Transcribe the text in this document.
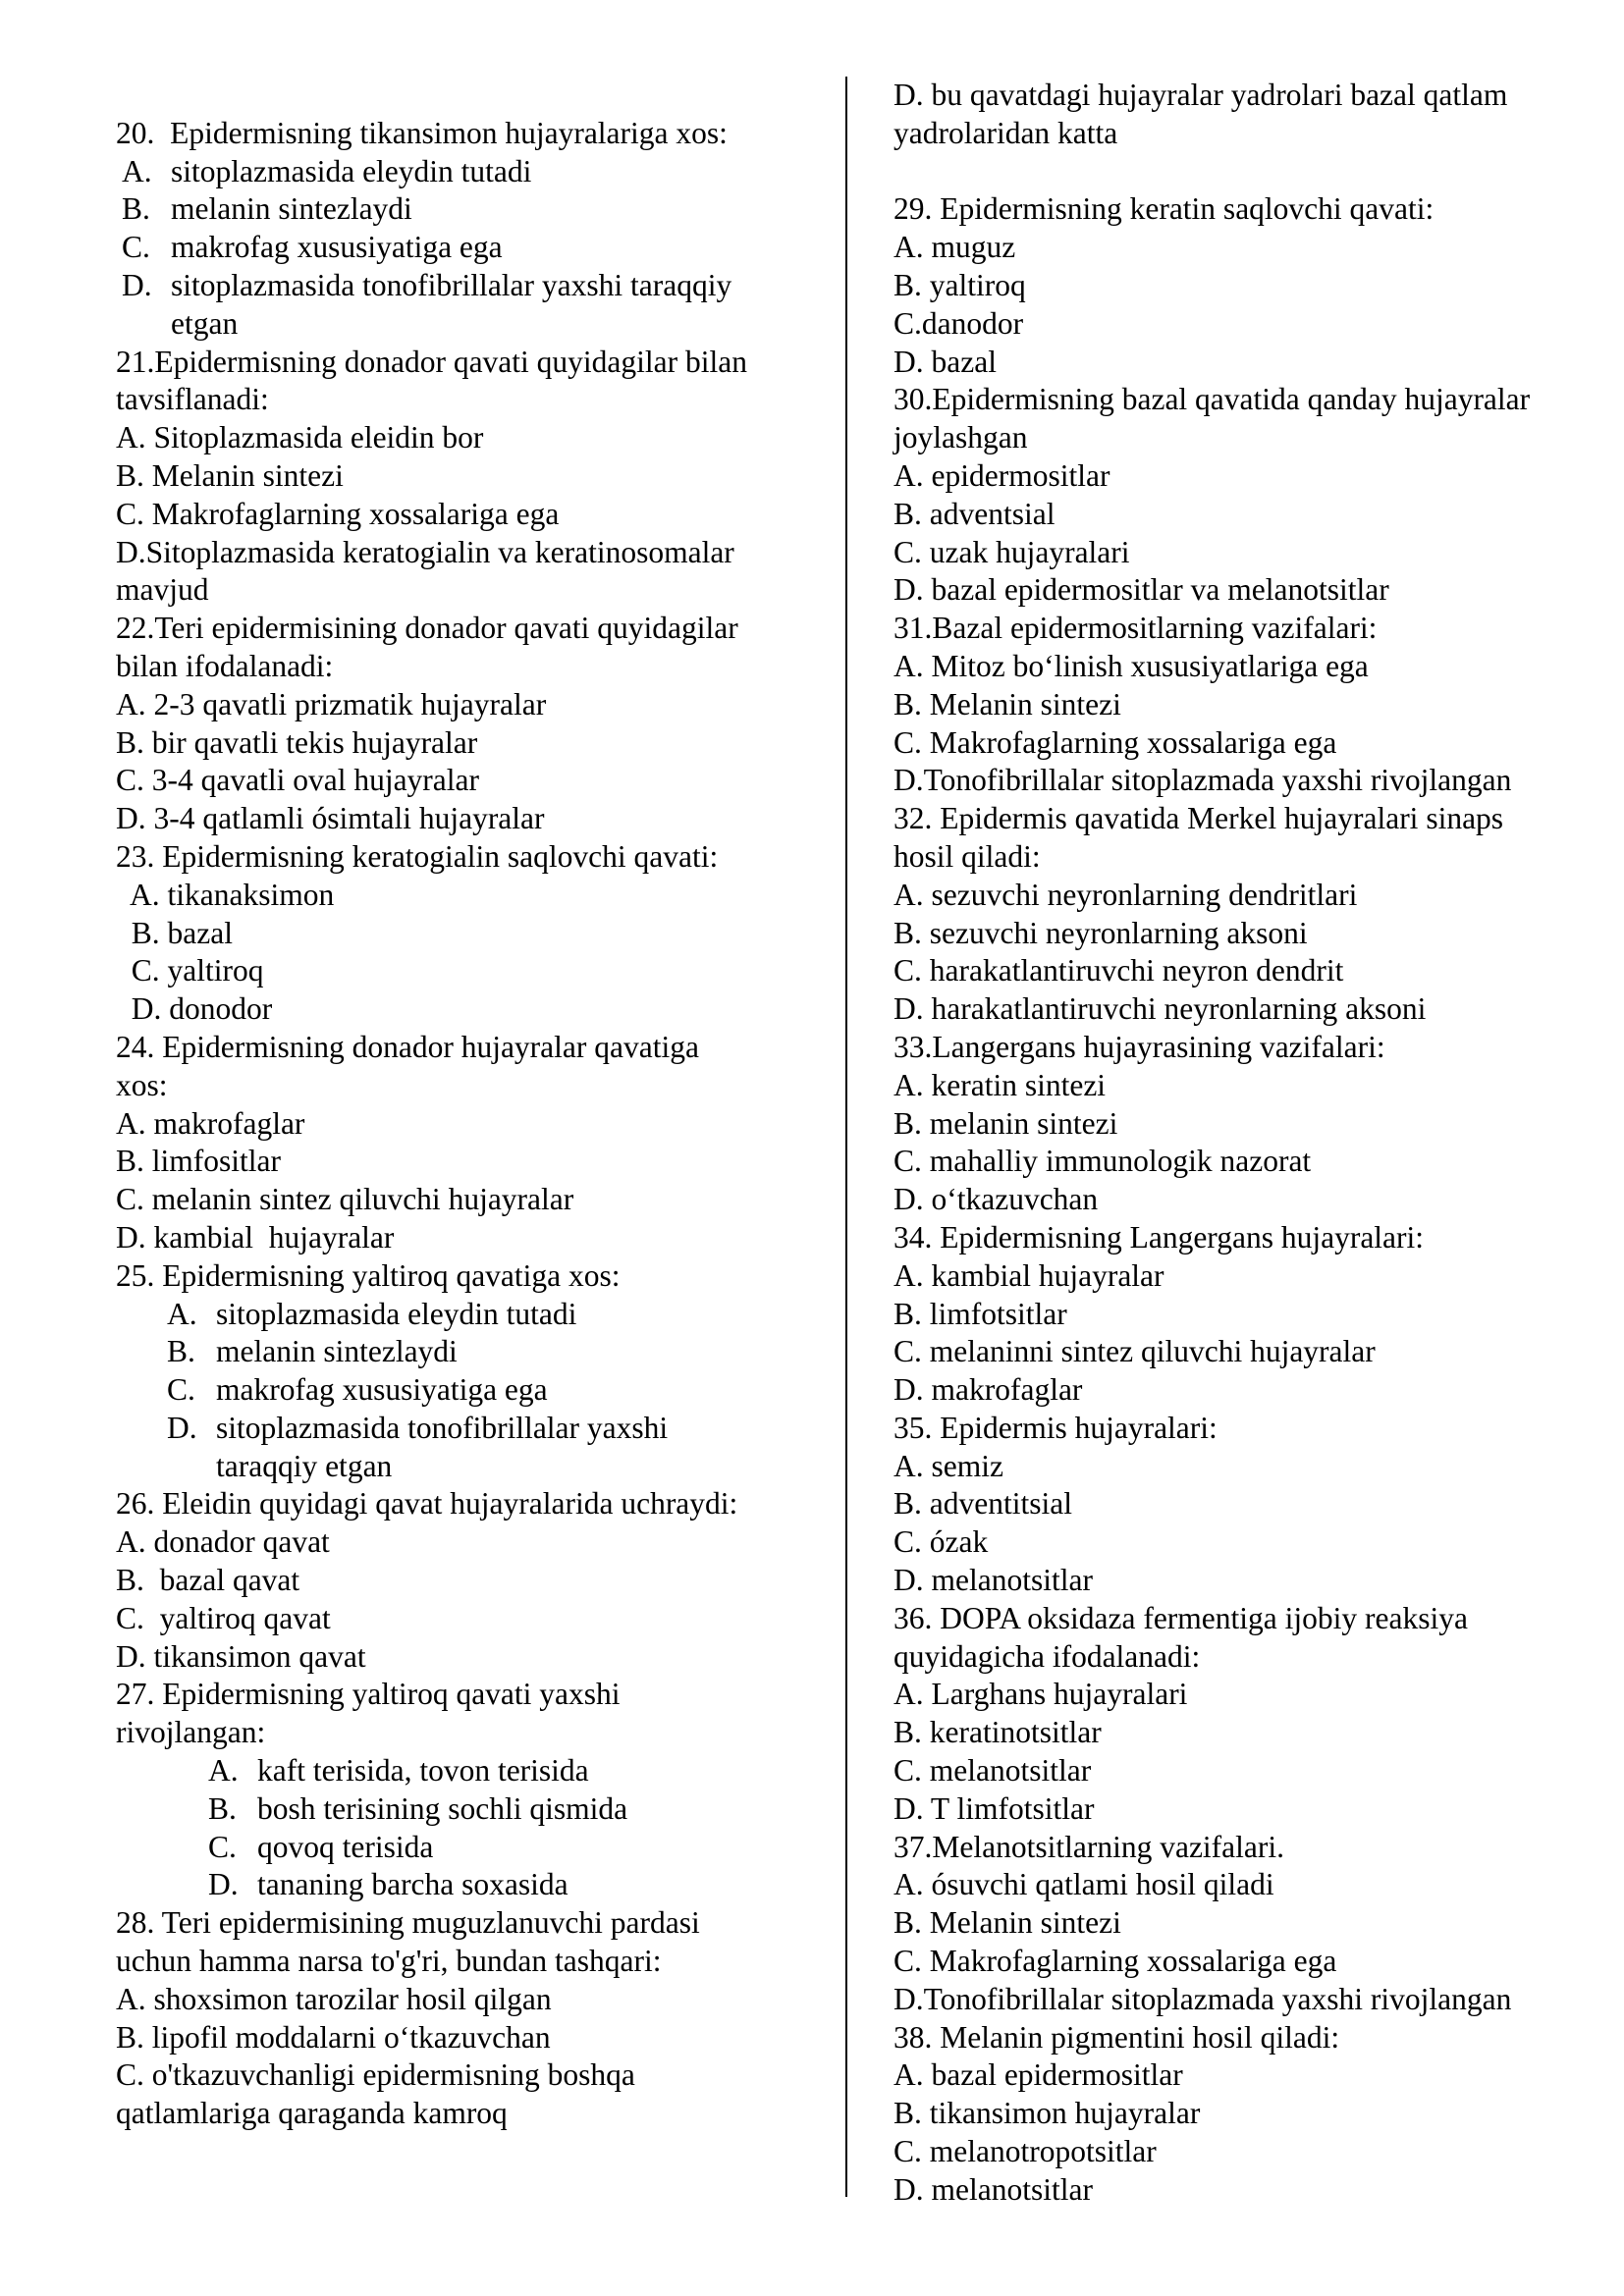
20.  Epidermisning tikansimon hujayralariga xos:
A. sitoplazmasida eleydin tutadi
B. melanin sintezlaydi
C. makrofag xususiyatiga ega
D. sitoplazmasida tonofibrillalar yaxshi taraqqiy
etgan
21.Epidermisning donador qavati quyidagilar bilan
tavsiflanadi:
A. Sitoplazmasida eleidin bor
B. Melanin sintezi
C. Makrofaglarning xossalariga ega
D.Sitoplazmasida keratogialin va keratinosomalar
mavjud
22.Teri epidermisining donador qavati quyidagilar
bilan ifodalanadi:
A. 2-3 qavatli prizmatik hujayralar
B. bir qavatli tekis hujayralar
C. 3-4 qavatli oval hujayralar
D. 3-4 qatlamli ósimtali hujayralar
23. Epidermisning keratogialin saqlovchi qavati:
A. tikanaksimon
B. bazal
C. yaltiroq
D. donodor
24. Epidermisning donador hujayralar qavatiga
xos:
A. makrofaglar
B. limfositlar
C. melanin sintez qiluvchi hujayralar
D. kambial  hujayralar
25. Epidermisning yaltiroq qavatiga xos:
A. sitoplazmasida eleydin tutadi
B. melanin sintezlaydi
C. makrofag xususiyatiga ega
D. sitoplazmasida tonofibrillalar yaxshi
taraqqiy etgan
26. Eleidin quyidagi qavat hujayralarida uchraydi:
A. donador qavat
B.  bazal qavat
C.  yaltiroq qavat
D. tikansimon qavat
27. Epidermisning yaltiroq qavati yaxshi
rivojlangan:
A. kaft terisida, tovon terisida
B. bosh terisining sochli qismida
C. qovoq terisida
D. tananing barcha soxasida
28. Teri epidermisining muguzlanuvchi pardasi
uchun hamma narsa to'g'ri, bundan tashqari:
A. shoxsimon tarozilar hosil qilgan
B. lipofil moddalarni o‘tkazuvchan
C. o'tkazuvchanligi epidermisning boshqa
qatlamlariga qaraganda kamroq
D. bu qavatdagi hujayralar yadrolari bazal qatlam
yadrolaridan katta
29. Epidermisning keratin saqlovchi qavati:
A. muguz
B. yaltiroq
C.danodor
D. bazal
30.Epidermisning bazal qavatida qanday hujayralar
joylashgan
A. epidermositlar
B. adventsial
C. uzak hujayralari
D. bazal epidermositlar va melanotsitlar
31.Bazal epidermositlarning vazifalari:
A. Mitoz bo‘linish xususiyatlariga ega
B. Melanin sintezi
C. Makrofaglarning xossalariga ega
D.Tonofibrillalar sitoplazmada yaxshi rivojlangan
32. Epidermis qavatida Merkel hujayralari sinaps
hosil qiladi:
A. sezuvchi neyronlarning dendritlari
B. sezuvchi neyronlarning aksoni
C. harakatlantiruvchi neyron dendrit
D. harakatlantiruvchi neyronlarning aksoni
33.Langergans hujayrasining vazifalari:
A. keratin sintezi
B. melanin sintezi
C. mahalliy immunologik nazorat
D. o‘tkazuvchan
34. Epidermisning Langergans hujayralari:
A. kambial hujayralar
B. limfotsitlar
C. melaninni sintez qiluvchi hujayralar
D. makrofaglar
35. Epidermis hujayralari:
A. semiz
B. adventitsial
C. ózak
D. melanotsitlar
36. DOPA oksidaza fermentiga ijobiy reaksiya
quyidagicha ifodalanadi:
A. Larghans hujayralari
B. keratinotsitlar
C. melanotsitlar
D. T limfotsitlar
37.Melanotsitlarning vazifalari.
A. ósuvchi qatlami hosil qiladi
B. Melanin sintezi
C. Makrofaglarning xossalariga ega
D.Tonofibrillalar sitoplazmada yaxshi rivojlangan
38. Melanin pigmentini hosil qiladi:
A. bazal epidermositlar
B. tikansimon hujayralar
C. melanotropotsitlar
D. melanotsitlar
